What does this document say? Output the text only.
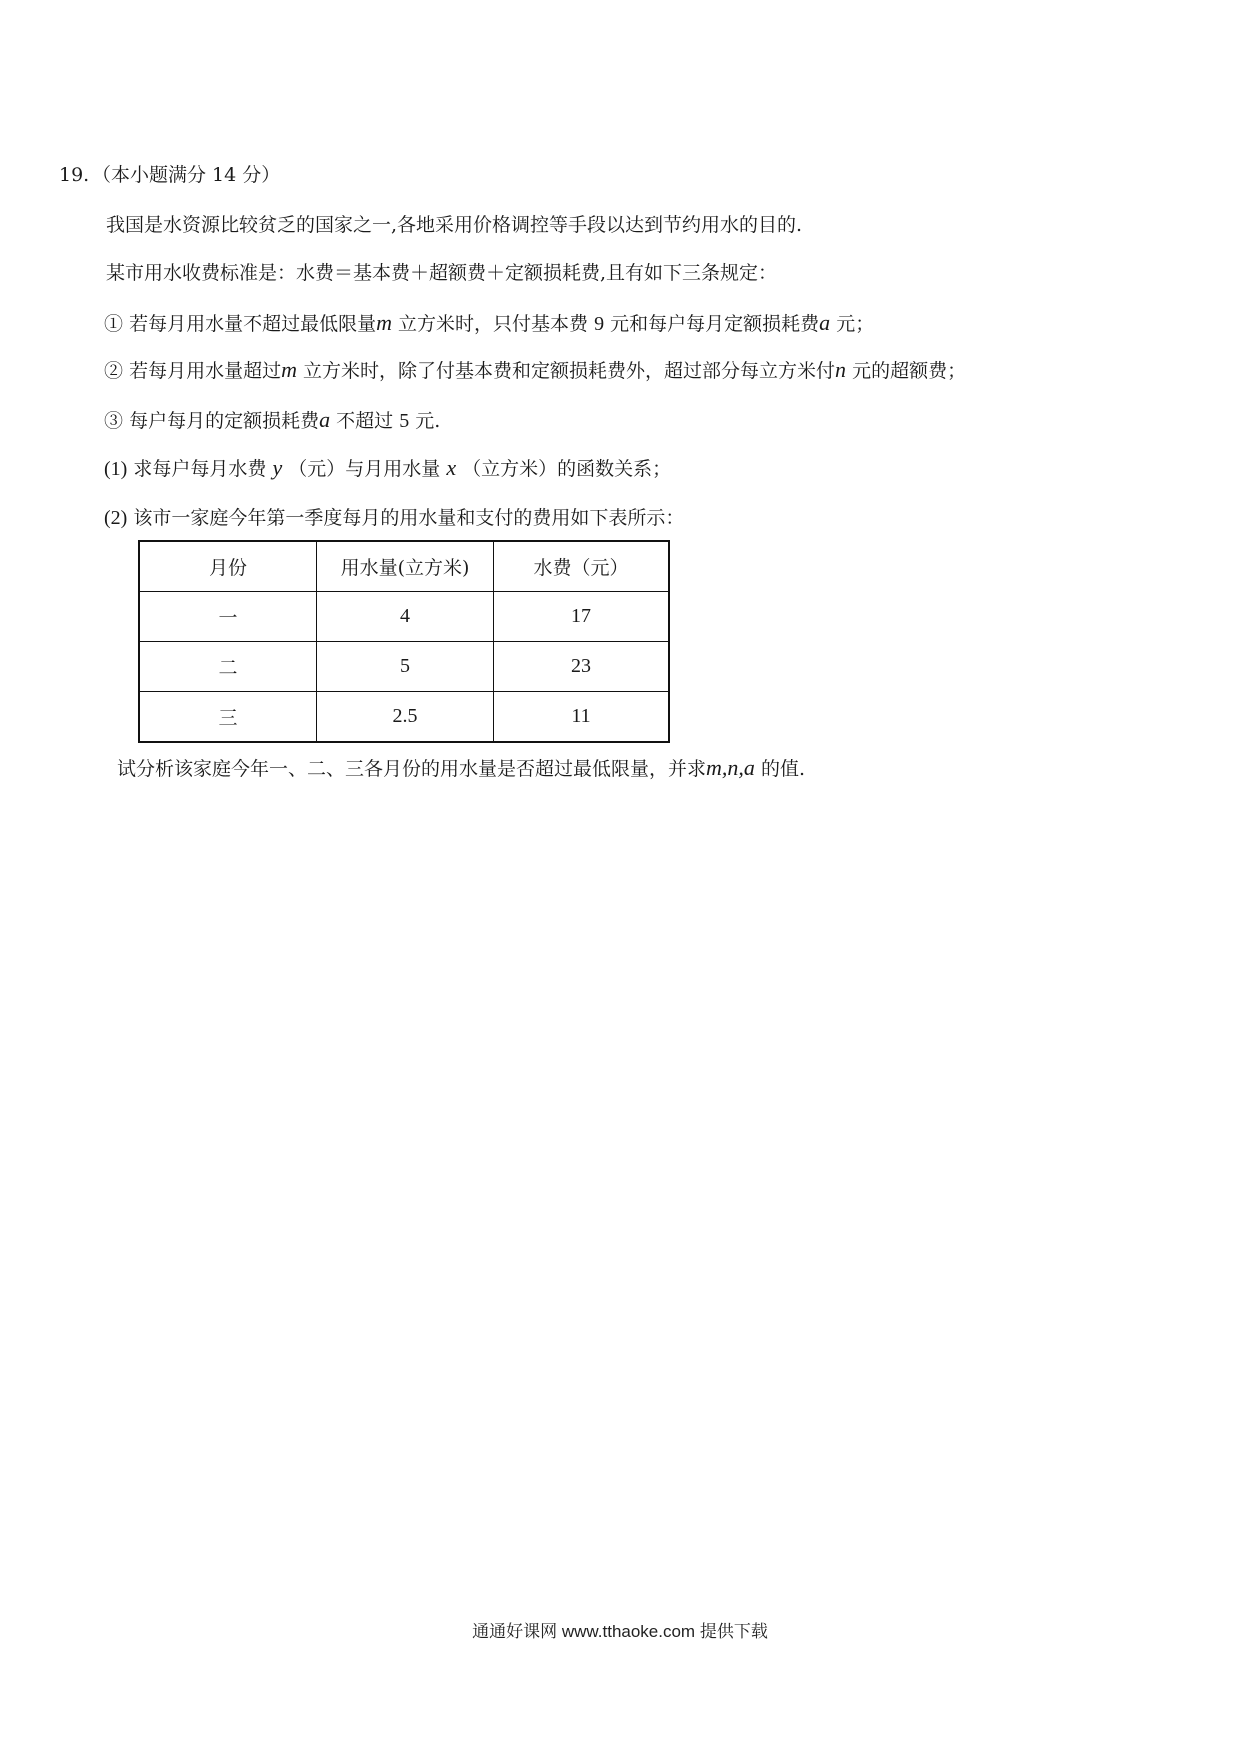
19. （本小题满分 14 分）
我国是水资源比较贫乏的国家之一,各地采用价格调控等手段以达到节约用水的目的.
某市用水收费标准是：水费＝基本费＋超额费＋定额损耗费,且有如下三条规定：
① 若每月用水量不超过最低限量m 立方米时，只付基本费 9 元和每户每月定额损耗费a 元；
② 若每月用水量超过m 立方米时，除了付基本费和定额损耗费外，超过部分每立方米付n 元的超额费；
③ 每户每月的定额损耗费a 不超过 5 元.
(1) 求每户每月水费 y （元）与月用水量 x （立方米）的函数关系；
(2) 该市一家庭今年第一季度每月的用水量和支付的费用如下表所示：
月份	用水量(立方米)	水费（元）
一	4	17
二	5	23
三	2.5	11
试分析该家庭今年一、二、三各月份的用水量是否超过最低限量，并求m,n,a 的值.
通通好课网 www.tthaoke.com 提供下载
